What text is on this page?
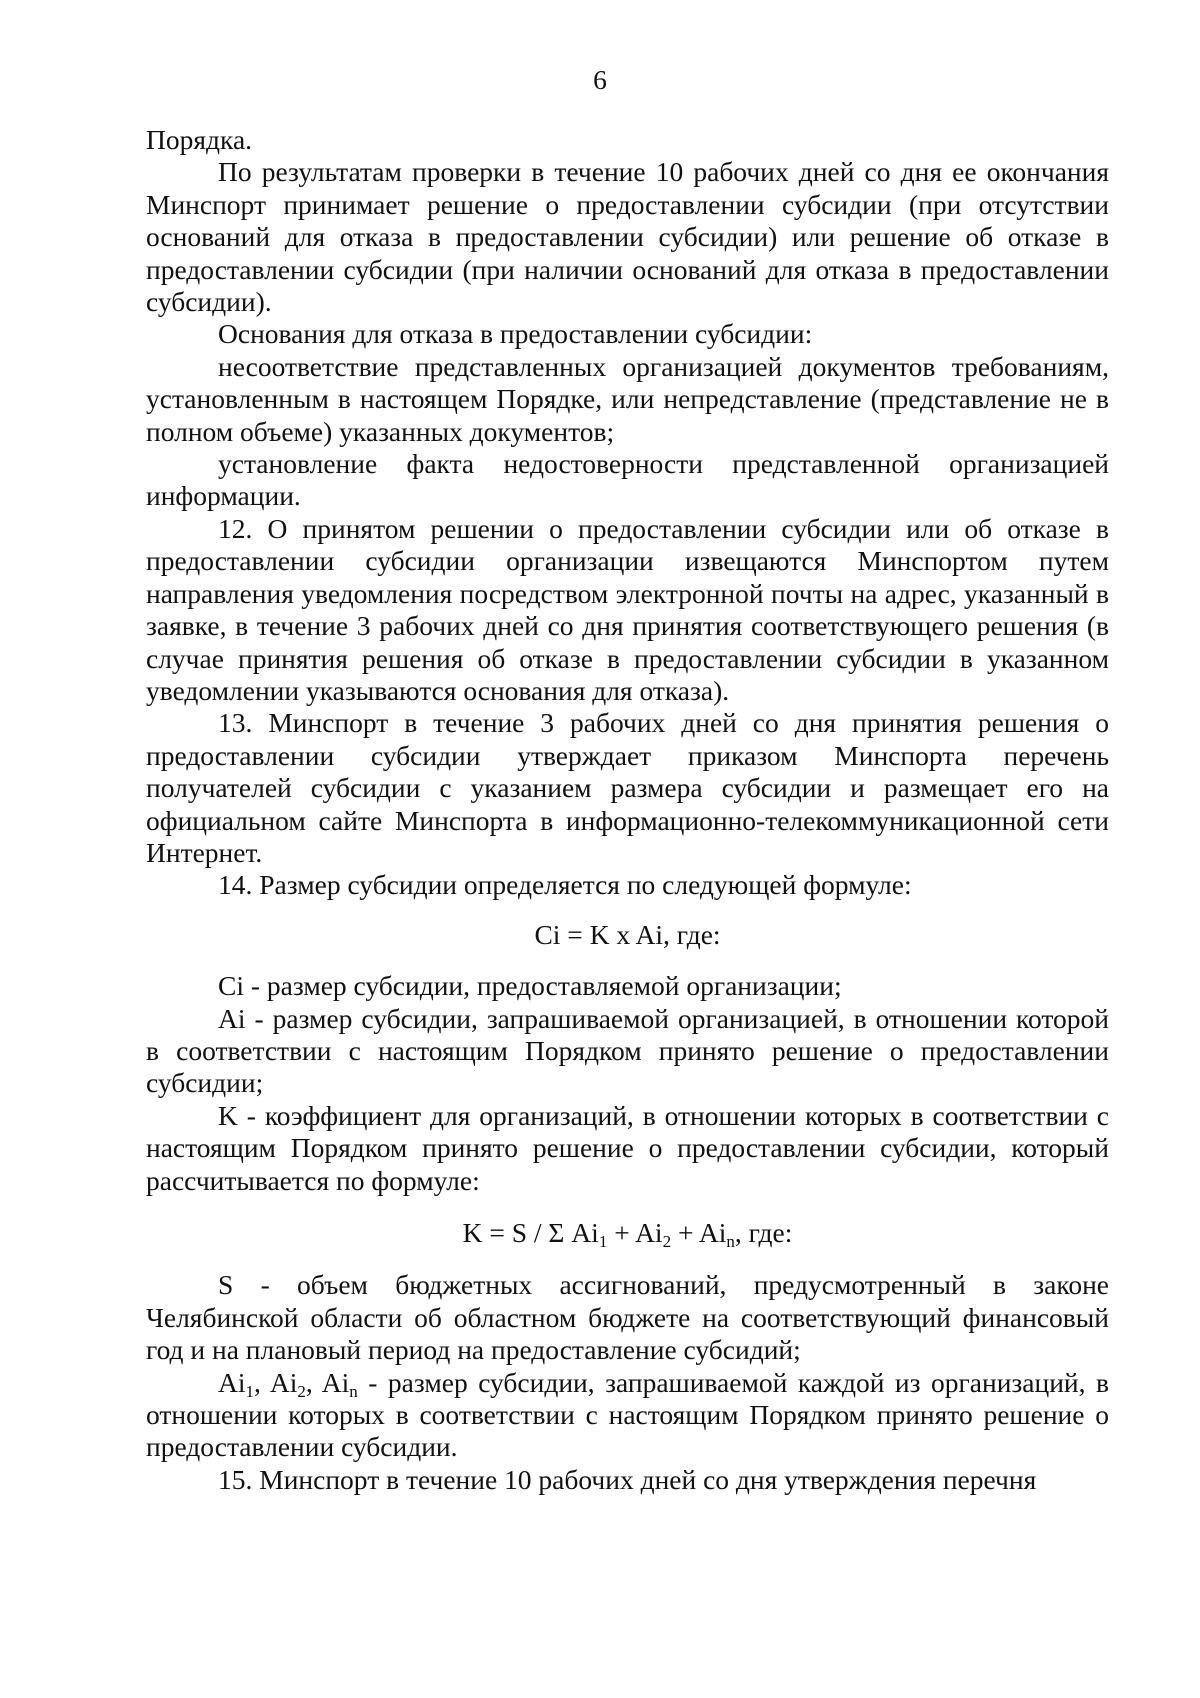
6

Порядка.

По результатам проверки в течение 10 рабочих дней со дня ее окончания Минспорт принимает решение о предоставлении субсидии (при отсутствии оснований для отказа в предоставлении субсидии) или решение об отказе в предоставлении субсидии (при наличии оснований для отказа в предоставлении субсидии).

Основания для отказа в предоставлении субсидии:

несоответствие представленных организацией документов требованиям, установленным в настоящем Порядке, или непредставление (представление не в полном объеме) указанных документов;

установление факта недостоверности представленной организацией информации.

12. О принятом решении о предоставлении субсидии или об отказе в предоставлении субсидии организации извещаются Минспортом путем направления уведомления посредством электронной почты на адрес, указанный в заявке, в течение 3 рабочих дней со дня принятия соответствующего решения (в случае принятия решения об отказе в предоставлении субсидии в указанном уведомлении указываются основания для отказа).

13. Минспорт в течение 3 рабочих дней со дня принятия решения о предоставлении субсидии утверждает приказом Минспорта перечень получателей субсидии с указанием размера субсидии и размещает его на официальном сайте Минспорта в информационно-телекоммуникационной сети Интернет.

14. Размер субсидии определяется по следующей формуле:

Ci = K x Ai, где:

Ci - размер субсидии, предоставляемой организации;

Ai - размер субсидии, запрашиваемой организацией, в отношении которой в соответствии с настоящим Порядком принято решение о предоставлении субсидии;

K - коэффициент для организаций, в отношении которых в соответствии с настоящим Порядком принято решение о предоставлении субсидии, который рассчитывается по формуле:

K = S / Σ $Ai_1 + Ai_2 + Ai_n$, где:

S - объем бюджетных ассигнований, предусмотренный в законе Челябинской области об областном бюджете на соответствующий финансовый год и на плановый период на предоставление субсидий;

$Ai_1$, $Ai_2$, $Ai_n$ - размер субсидии, запрашиваемой каждой из организаций, в отношении которых в соответствии с настоящим Порядком принято решение о предоставлении субсидии.

15. Минспорт в течение 10 рабочих дней со дня утверждения перечня
